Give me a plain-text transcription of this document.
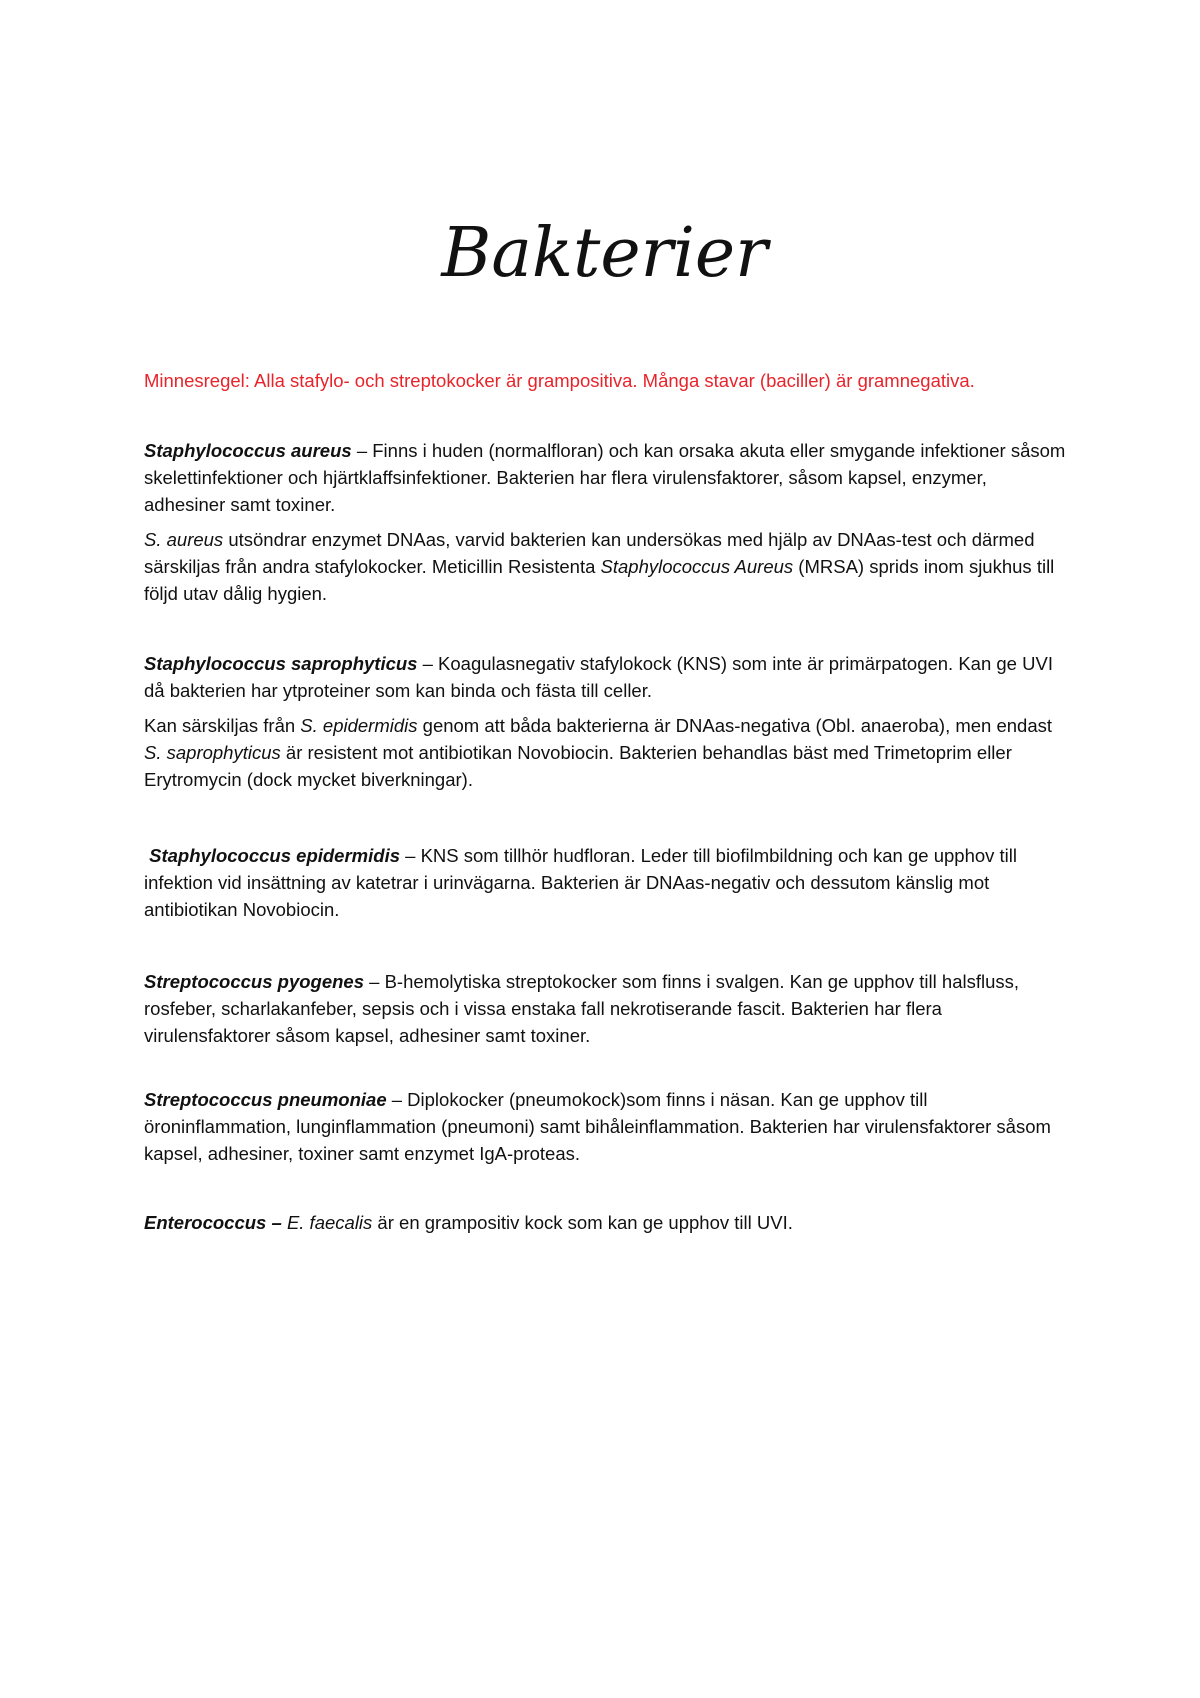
Bakterier

Minnesregel: Alla stafylo- och streptokocker är grampositiva. Många stavar (baciller) är gramnegativa.

Staphylococcus aureus – Finns i huden (normalfloran) och kan orsaka akuta eller smygande infektioner såsom skelettinfektioner och hjärtklaffsinfektioner. Bakterien har flera virulensfaktorer, såsom kapsel, enzymer, adhesiner samt toxiner.

S. aureus utsöndrar enzymet DNAas, varvid bakterien kan undersökas med hjälp av DNAas-test och därmed särskiljas från andra stafylokocker. Meticillin Resistenta Staphylococcus Aureus (MRSA) sprids inom sjukhus till följd utav dålig hygien.

Staphylococcus saprophyticus – Koagulasnegativ stafylokock (KNS) som inte är primärpatogen. Kan ge UVI då bakterien har ytproteiner som kan binda och fästa till celler.

Kan särskiljas från S. epidermidis genom att båda bakterierna är DNAas-negativa (Obl. anaeroba), men endast S. saprophyticus är resistent mot antibiotikan Novobiocin. Bakterien behandlas bäst med Trimetoprim eller Erytromycin (dock mycket biverkningar).

Staphylococcus epidermidis – KNS som tillhör hudfloran. Leder till biofilmbildning och kan ge upphov till infektion vid insättning av katetrar i urinvägarna. Bakterien är DNAas-negativ och dessutom känslig mot antibiotikan Novobiocin.

Streptococcus pyogenes – B-hemolytiska streptokocker som finns i svalgen. Kan ge upphov till halsfluss, rosfeber, scharlakanfeber, sepsis och i vissa enstaka fall nekrotiserande fascit. Bakterien har flera virulensfaktorer såsom kapsel, adhesiner samt toxiner.

Streptococcus pneumoniae – Diplokocker (pneumokock)som finns i näsan. Kan ge upphov till öroninflammation, lunginflammation (pneumoni) samt bihåleinflammation. Bakterien har virulensfaktorer såsom kapsel, adhesiner, toxiner samt enzymet IgA-proteas.

Enterococcus – E. faecalis är en grampositiv kock som kan ge upphov till UVI.
